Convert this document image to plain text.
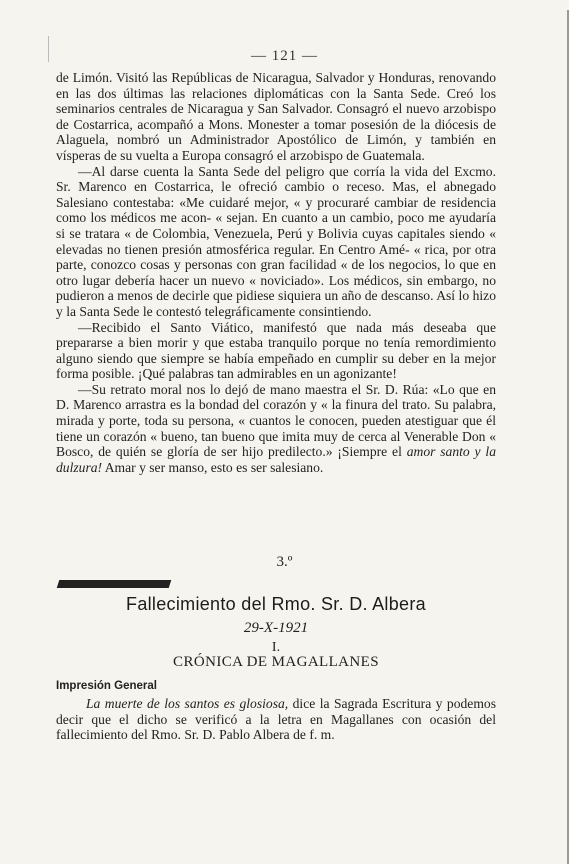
— 121 —

de Limón. Visitó las Repúblicas de Nicaragua, Salvador y Honduras, renovando en las dos últimas las relaciones diplomáticas con la Santa Sede. Creó los seminarios centrales de Nicaragua y San Salvador. Consagró el nuevo arzobispo de Costarrica, acompañó a Mons. Monester a tomar posesión de la diócesis de Alaguela, nombró un Administrador Apostólico de Limón, y también en vísperas de su vuelta a Europa consagró el arzobispo de Guatemala.

—Al darse cuenta la Santa Sede del peligro que corría la vida del Excmo. Sr. Marenco en Costarrica, le ofreció cambio o receso. Mas, el abnegado Salesiano contestaba: «Me cuidaré mejor, « y procuraré cambiar de residencia como los médicos me acon- « sejan. En cuanto a un cambio, poco me ayudaría si se tratara « de Colombia, Venezuela, Perú y Bolivia cuyas capitales siendo « elevadas no tienen presión atmosférica regular. En Centro Amé- « rica, por otra parte, conozco cosas y personas con gran facilidad « de los negocios, lo que en otro lugar debería hacer un nuevo « noviciado». Los médicos, sin embargo, no pudieron a menos de decirle que pidiese siquiera un año de descanso. Así lo hizo y la Santa Sede le contestó telegráficamente consintiendo.

—Recibido el Santo Viático, manifestó que nada más deseaba que prepararse a bien morir y que estaba tranquilo porque no tenía remordimiento alguno siendo que siempre se había empeñado en cumplir su deber en la mejor forma posible. ¡Qué palabras tan admirables en un agonizante!

—Su retrato moral nos lo dejó de mano maestra el Sr. D. Rúa: «Lo que en D. Marenco arrastra es la bondad del corazón y « la finura del trato. Su palabra, mirada y porte, toda su persona, « cuantos le conocen, pueden atestiguar que él tiene un corazón « bueno, tan bueno que imita muy de cerca al Venerable Don « Bosco, de quién se gloría de ser hijo predilecto.» ¡Siempre el amor santo y la dulzura! Amar y ser manso, esto es ser salesiano.

3.º
Fallecimiento del Rmo. Sr. D. Albera
29-X-1921
I.
CRÓNICA DE MAGALLANES
Impresión General

La muerte de los santos es glosiosa, dice la Sagrada Escritura y podemos decir que el dicho se verificó a la letra en Magallanes con ocasión del fallecimiento del Rmo. Sr. D. Pablo Albera de f. m.
